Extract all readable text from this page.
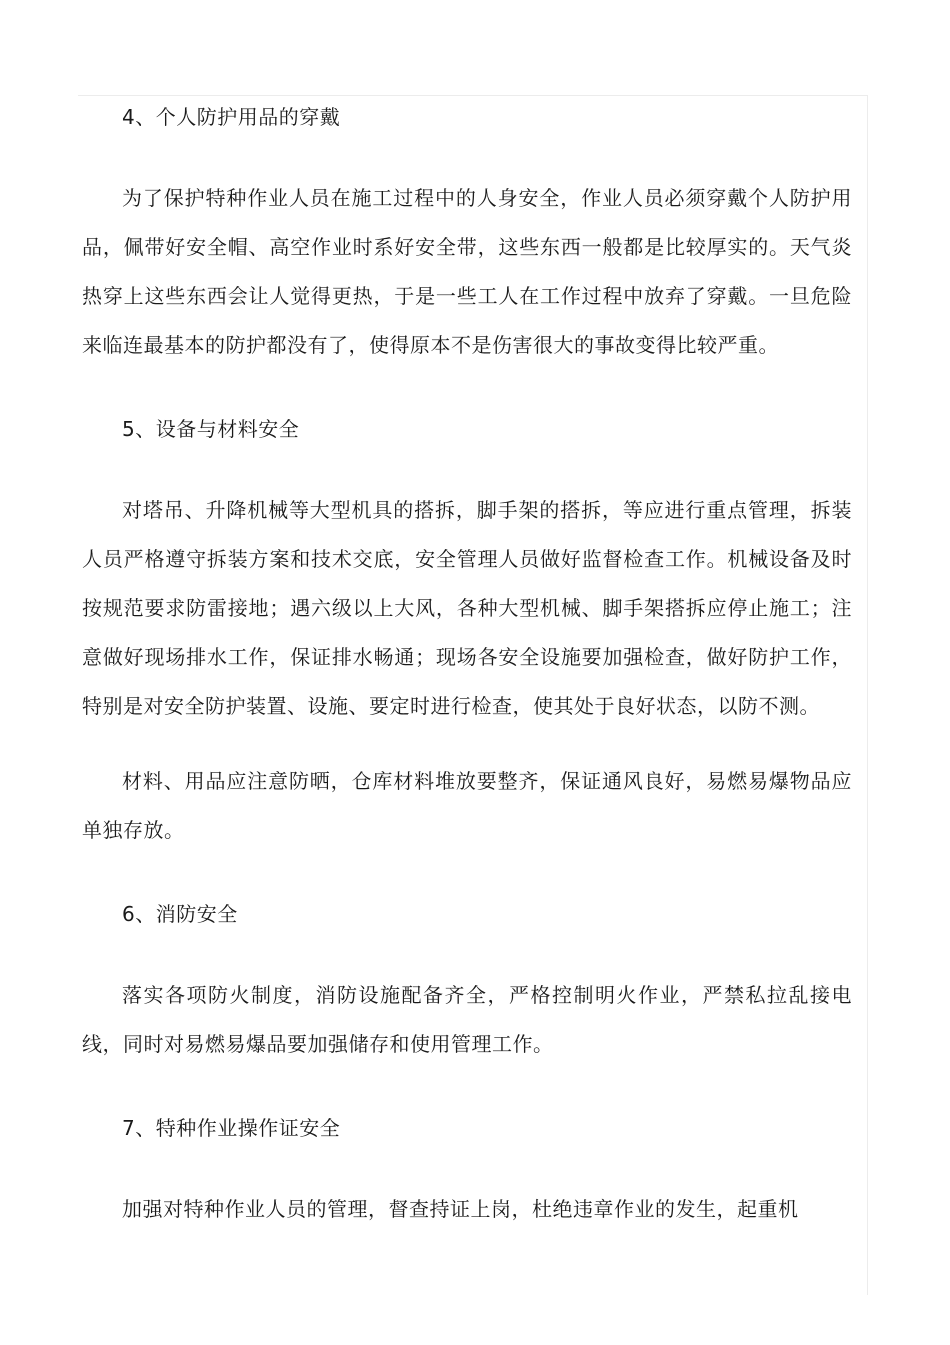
4、个人防护用品的穿戴

为了保护特种作业人员在施工过程中的人身安全，作业人员必须穿戴个人防护用品，佩带好安全帽、高空作业时系好安全带，这些东西一般都是比较厚实的。天气炎热穿上这些东西会让人觉得更热，于是一些工人在工作过程中放弃了穿戴。一旦危险来临连最基本的防护都没有了，使得原本不是伤害很大的事故变得比较严重。

5、设备与材料安全

对塔吊、升降机械等大型机具的搭拆，脚手架的搭拆，等应进行重点管理，拆装人员严格遵守拆装方案和技术交底，安全管理人员做好监督检查工作。机械设备及时按规范要求防雷接地；遇六级以上大风，各种大型机械、脚手架搭拆应停止施工；注意做好现场排水工作，保证排水畅通；现场各安全设施要加强检查，做好防护工作，特别是对安全防护装置、设施、要定时进行检查，使其处于良好状态，以防不测。

材料、用品应注意防晒，仓库材料堆放要整齐，保证通风良好，易燃易爆物品应单独存放。

6、消防安全

落实各项防火制度，消防设施配备齐全，严格控制明火作业，严禁私拉乱接电线，同时对易燃易爆品要加强储存和使用管理工作。

7、特种作业操作证安全

加强对特种作业人员的管理，督查持证上岗，杜绝违章作业的发生，起重机
